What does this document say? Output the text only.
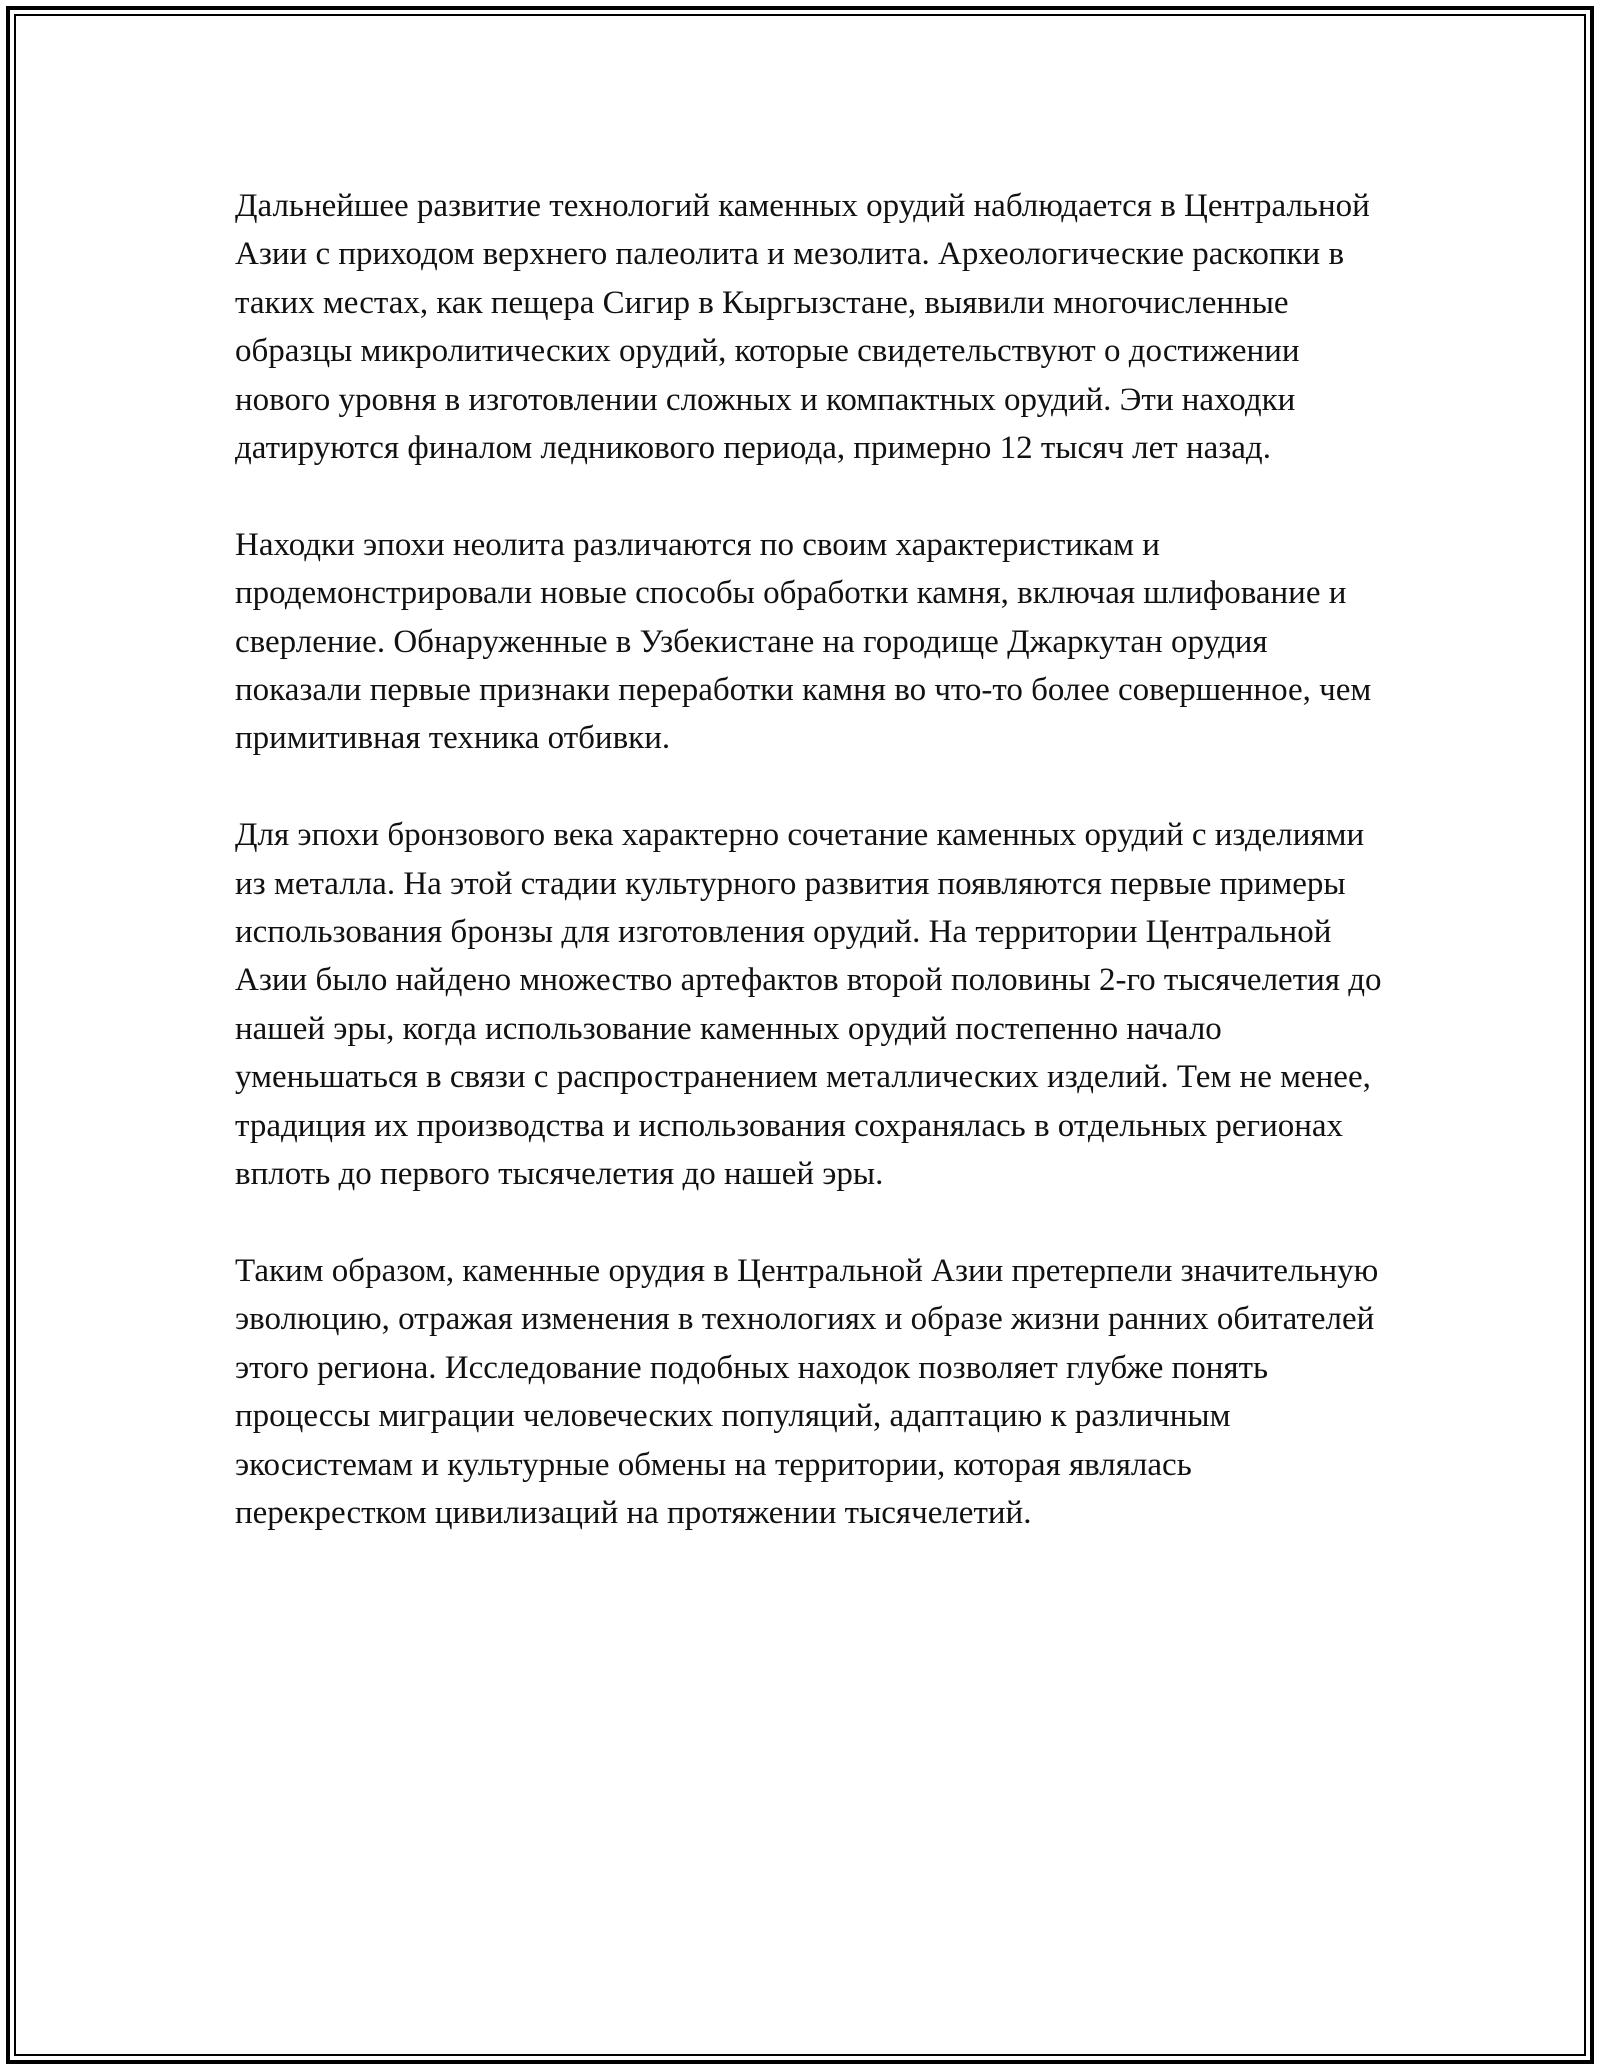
Дальнейшее развитие технологий каменных орудий наблюдается в Центральной Азии с приходом верхнего палеолита и мезолита. Археологические раскопки в таких местах, как пещера Сигир в Кыргызстане, выявили многочисленные образцы микролитических орудий, которые свидетельствуют о достижении нового уровня в изготовлении сложных и компактных орудий. Эти находки датируются финалом ледникового периода, примерно 12 тысяч лет назад.

Находки эпохи неолита различаются по своим характеристикам и продемонстрировали новые способы обработки камня, включая шлифование и сверление. Обнаруженные в Узбекистане на городище Джаркутан орудия показали первые признаки переработки камня во что-то более совершенное, чем примитивная техника отбивки.

Для эпохи бронзового века характерно сочетание каменных орудий с изделиями из металла. На этой стадии культурного развития появляются первые примеры использования бронзы для изготовления орудий. На территории Центральной Азии было найдено множество артефактов второй половины 2-го тысячелетия до нашей эры, когда использование каменных орудий постепенно начало уменьшаться в связи с распространением металлических изделий. Тем не менее, традиция их производства и использования сохранялась в отдельных регионах вплоть до первого тысячелетия до нашей эры.

Таким образом, каменные орудия в Центральной Азии претерпели значительную эволюцию, отражая изменения в технологиях и образе жизни ранних обитателей этого региона. Исследование подобных находок позволяет глубже понять процессы миграции человеческих популяций, адаптацию к различным экосистемам и культурные обмены на территории, которая являлась перекрестком цивилизаций на протяжении тысячелетий.
